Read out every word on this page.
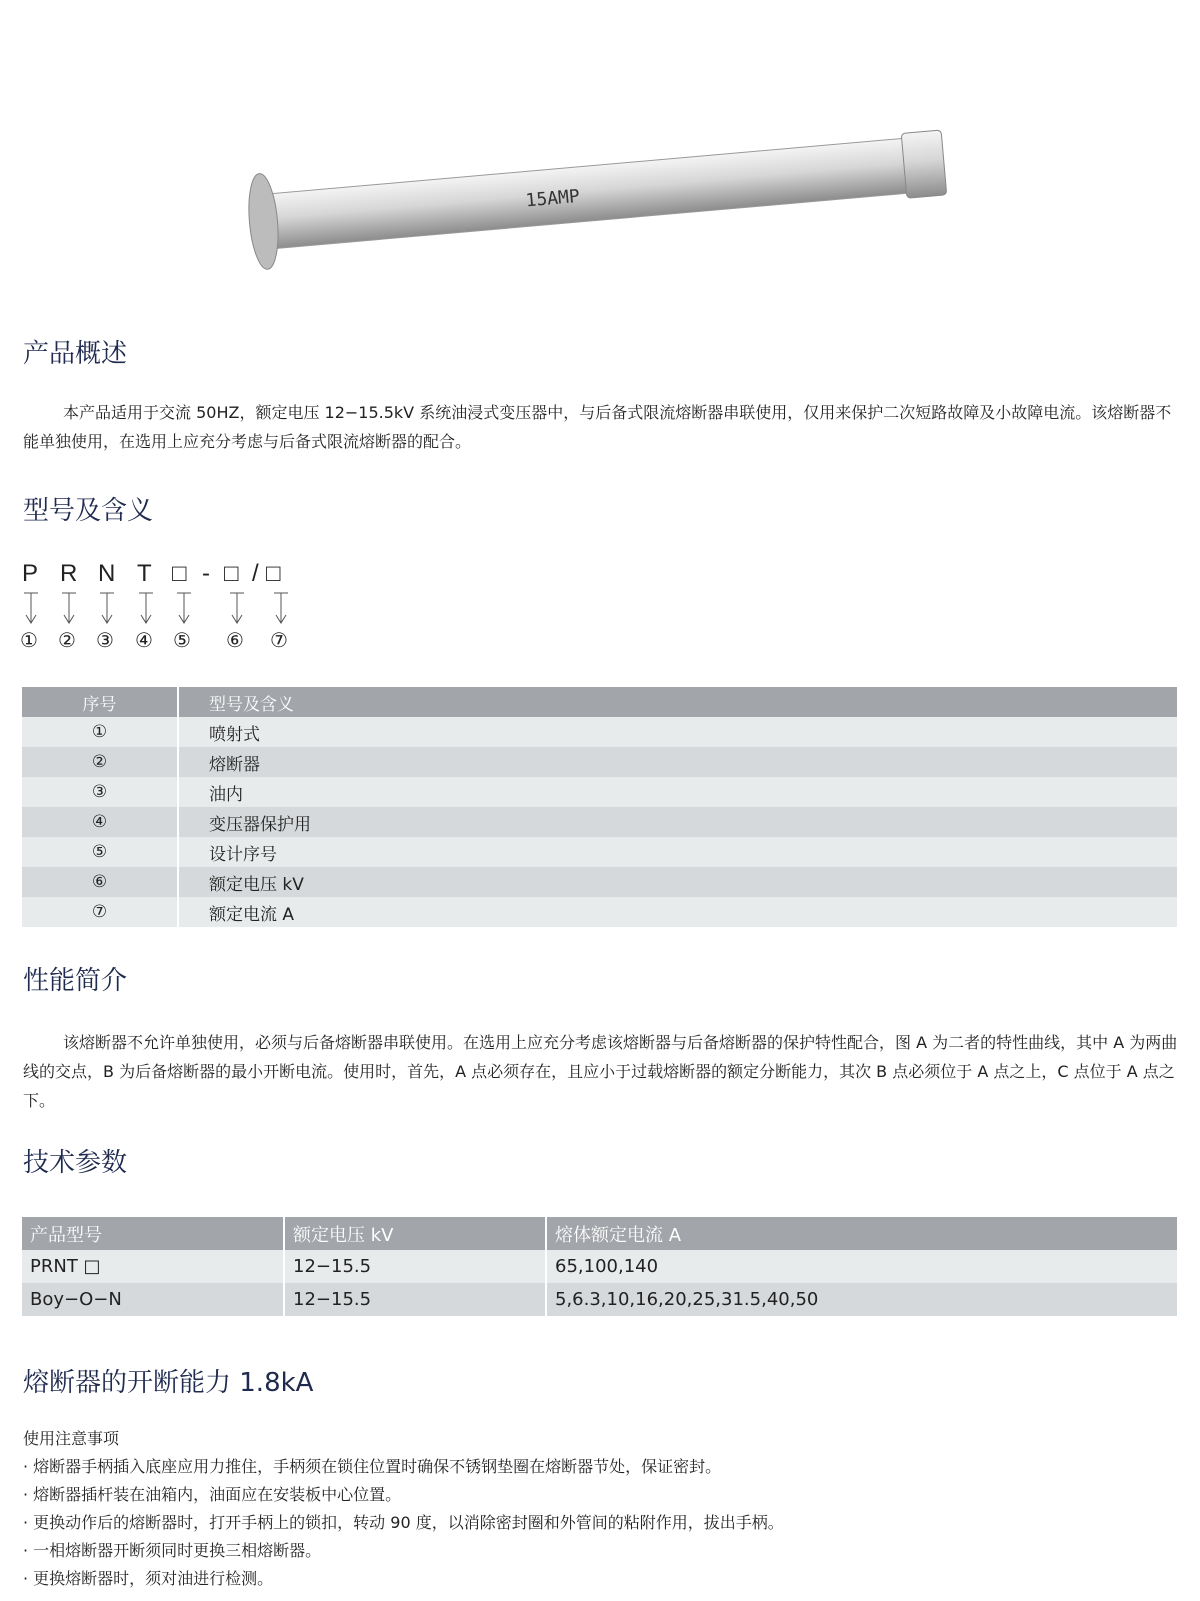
15AMP
产品概述

本产品适用于交流 50HZ，额定电压 12−15.5kV 系统油浸式变压器中，与后备式限流熔断器串联使用，仅用来保护二次短路故障及小故障电流。该熔断器不能单独使用，在选用上应充分考虑与后备式限流熔断器的配合。

型号及含义
P R N T □ - □ / □
① ② ③ ④ ⑤ ⑥ ⑦
序号	型号及含义
①	喷射式
②	熔断器
③	油内
④	变压器保护用
⑤	设计序号
⑥	额定电压 kV
⑦	额定电流 A
性能简介

该熔断器不允许单独使用，必须与后备熔断器串联使用。在选用上应充分考虑该熔断器与后备熔断器的保护特性配合，图 A 为二者的特性曲线，其中 A 为两曲线的交点，B 为后备熔断器的最小开断电流。使用时，首先，A 点必须存在，且应小于过载熔断器的额定分断能力，其次 B 点必须位于 A 点之上，C 点位于 A 点之下。

技术参数
产品型号	额定电压 kV	熔体额定电流 A
PRNT □	12−15.5	65,100,140
Boy−O−N	12−15.5	5,6.3,10,16,20,25,31.5,40,50
熔断器的开断能力 1.8kA
使用注意事项
· 熔断器手柄插入底座应用力推住，手柄须在锁住位置时确保不锈钢垫圈在熔断器节处，保证密封。
· 熔断器插杆装在油箱内，油面应在安装板中心位置。
· 更换动作后的熔断器时，打开手柄上的锁扣，转动 90 度，以消除密封圈和外管间的粘附作用，拔出手柄。
· 一相熔断器开断须同时更换三相熔断器。
· 更换熔断器时，须对油进行检测。
